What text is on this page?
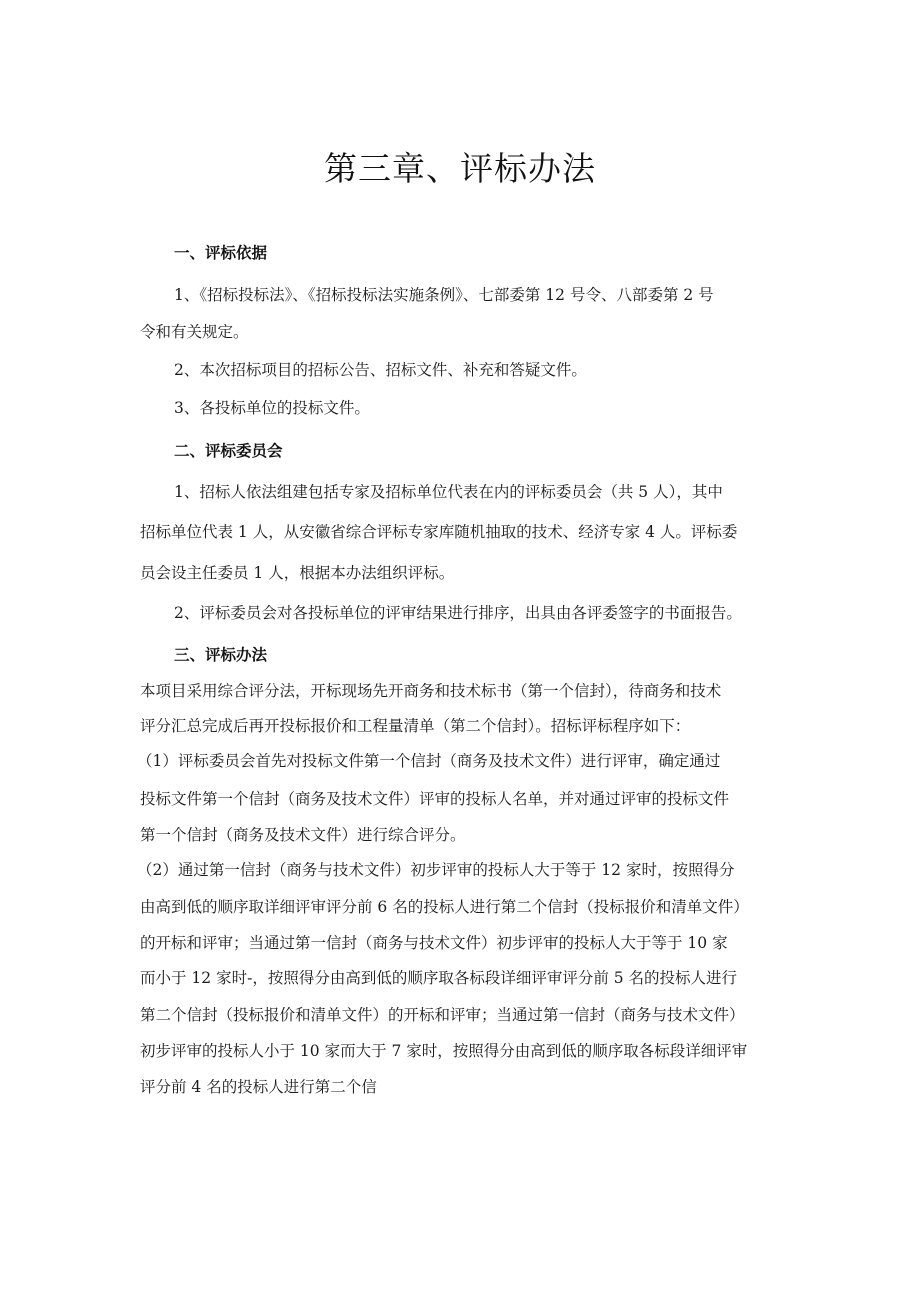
第三章、评标办法
一、评标依据
1、《招标投标法》、《招标投标法实施条例》、七部委第 12 号令、八部委第 2 号
令和有关规定。
2、本次招标项目的招标公告、招标文件、补充和答疑文件。
3、各投标单位的投标文件。
二、评标委员会
1、招标人依法组建包括专家及招标单位代表在内的评标委员会（共 5 人），其中
招标单位代表 1 人，从安徽省综合评标专家库随机抽取的技术、经济专家 4 人。评标委
员会设主任委员 1 人，根据本办法组织评标。
2、评标委员会对各投标单位的评审结果进行排序，出具由各评委签字的书面报告。
三、评标办法
本项目采用综合评分法，开标现场先开商务和技术标书（第一个信封），待商务和技术
评分汇总完成后再开投标报价和工程量清单（第二个信封）。招标评标程序如下：
（1）评标委员会首先对投标文件第一个信封（商务及技术文件）进行评审，确定通过
投标文件第一个信封（商务及技术文件）评审的投标人名单，并对通过评审的投标文件
第一个信封（商务及技术文件）进行综合评分。
（2）通过第一信封（商务与技术文件）初步评审的投标人大于等于 12 家时，按照得分
由高到低的顺序取详细评审评分前 6 名的投标人进行第二个信封（投标报价和清单文件）
的开标和评审；当通过第一信封（商务与技术文件）初步评审的投标人大于等于 10 家
而小于 12 家时-，按照得分由高到低的顺序取各标段详细评审评分前 5 名的投标人进行
第二个信封（投标报价和清单文件）的开标和评审；当通过第一信封（商务与技术文件）
初步评审的投标人小于 10 家而大于 7 家时，按照得分由高到低的顺序取各标段详细评审
评分前 4 名的投标人进行第二个信
